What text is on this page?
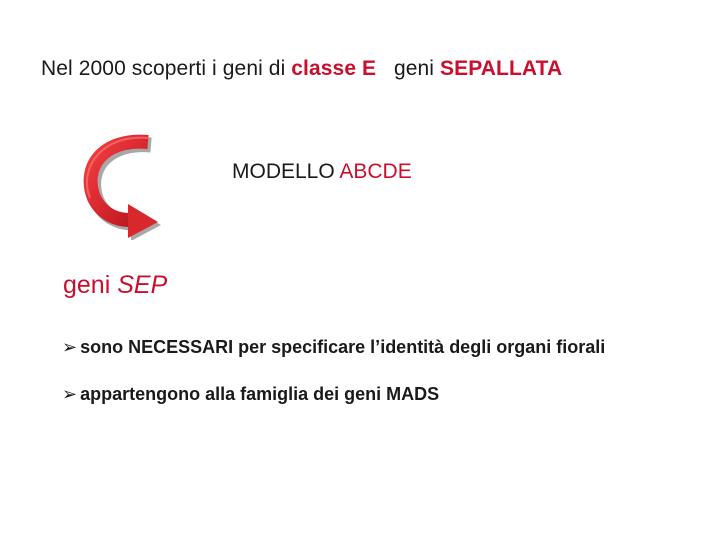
Nel 2000 scoperti i geni di classe E geni SEPALLATA
MODELLO ABCDE
geni SEP
➢ sono NECESSARI per specificare l’identità degli organi fiorali
➢ appartengono alla famiglia dei geni MADS
